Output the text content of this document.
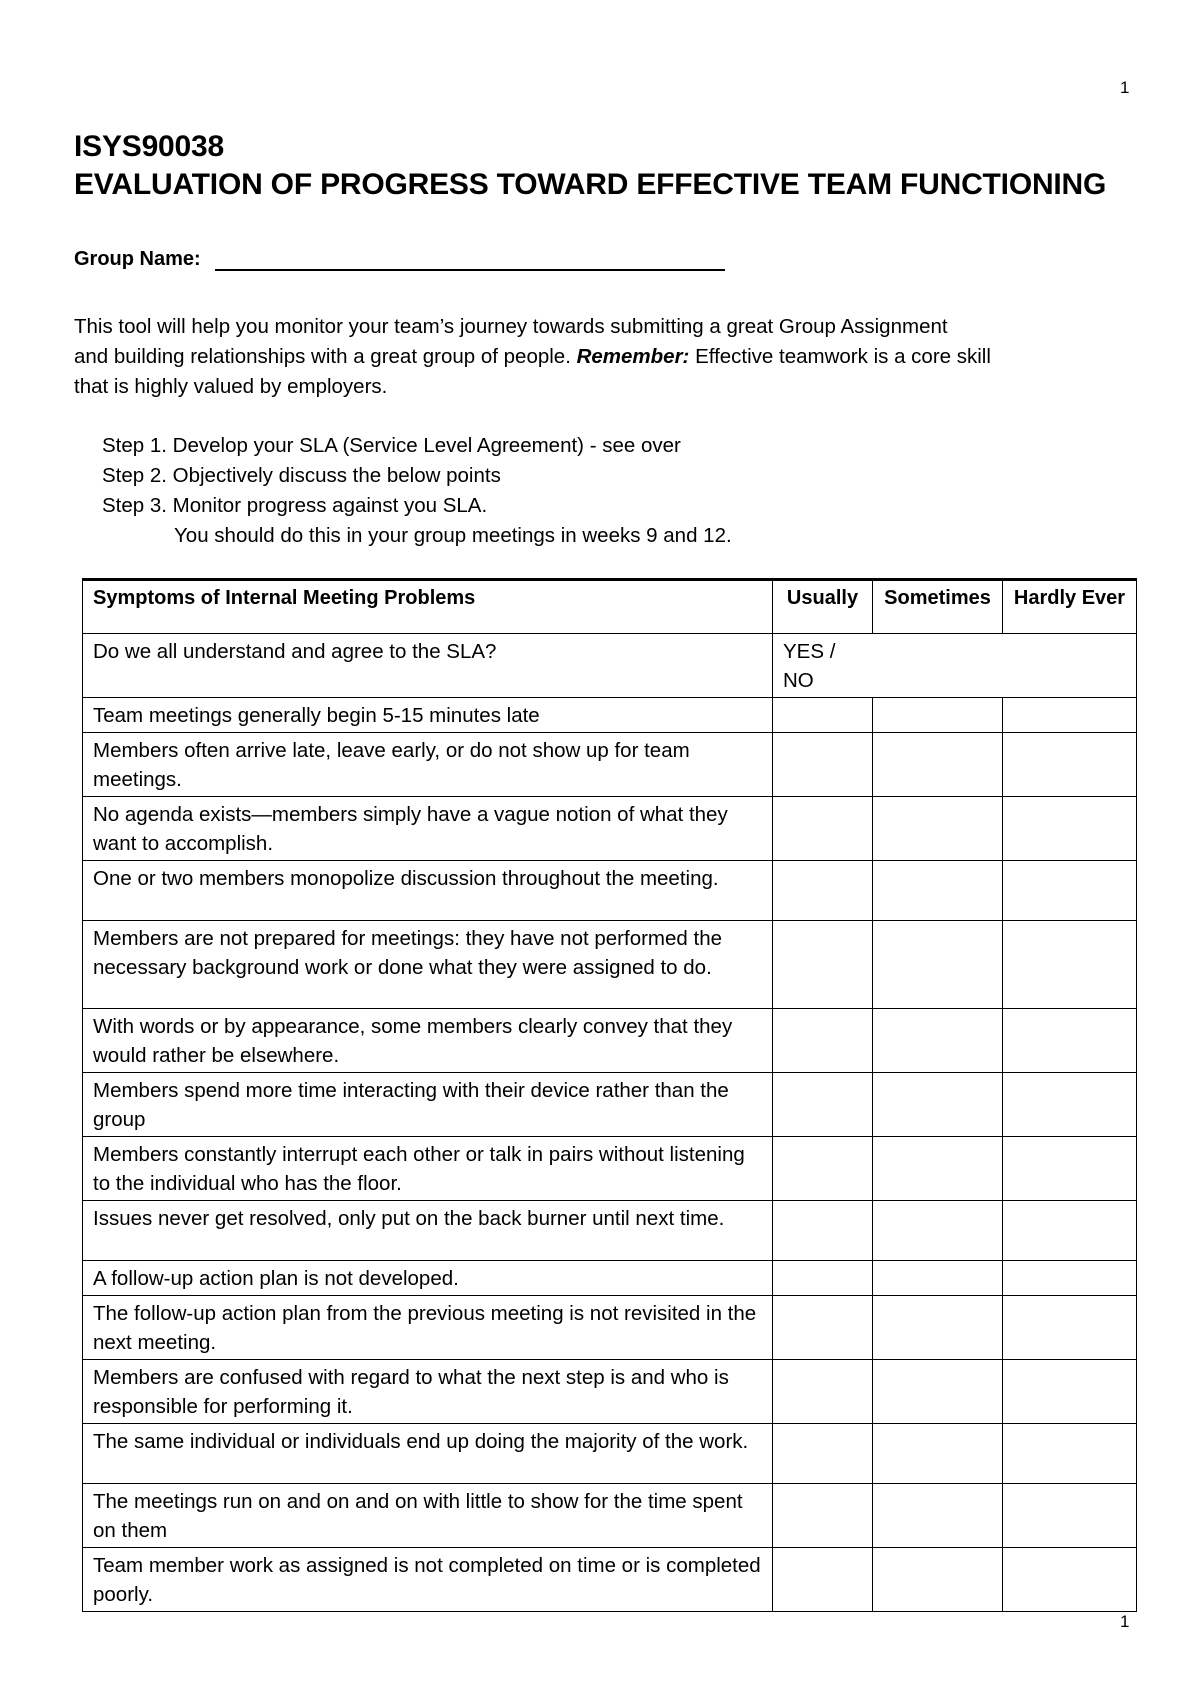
1
ISYS90038
EVALUATION OF PROGRESS TOWARD EFFECTIVE TEAM FUNCTIONING
Group Name:
This tool will help you monitor your team’s journey towards submitting a great Group Assignment
and building relationships with a great group of people. Remember: Effective teamwork is a core skill
that is highly valued by employers.
Step 1. Develop your SLA (Service Level Agreement) - see over
Step 2. Objectively discuss the below points
Step 3. Monitor progress against you SLA.
You should do this in your group meetings in weeks 9 and 12.
Symptoms of Internal Meeting Problems	Usually	Sometimes	Hardly Ever
Do we all understand and agree to the SLA?	YES /
NO		

Team meetings generally begin 5-15 minutes late			
Members often arrive late, leave early, or do not show up for team meetings.			
No agenda exists—members simply have a vague notion of what they want to accomplish.			
One or two members monopolize discussion throughout the meeting.			
Members are not prepared for meetings: they have not performed the necessary background work or done what they were assigned to do.			
With words or by appearance, some members clearly convey that they would rather be elsewhere.			
Members spend more time interacting with their device rather than the group			
Members constantly interrupt each other or talk in pairs without listening to the individual who has the floor.			
Issues never get resolved, only put on the back burner until next time.			
A follow-up action plan is not developed.			
The follow-up action plan from the previous meeting is not revisited in the next meeting.			
Members are confused with regard to what the next step is and who is responsible for performing it.			
The same individual or individuals end up doing the majority of the work.			
The meetings run on and on and on with little to show for the time spent on them			
Team member work as assigned is not completed on time or is completed poorly.			
1
